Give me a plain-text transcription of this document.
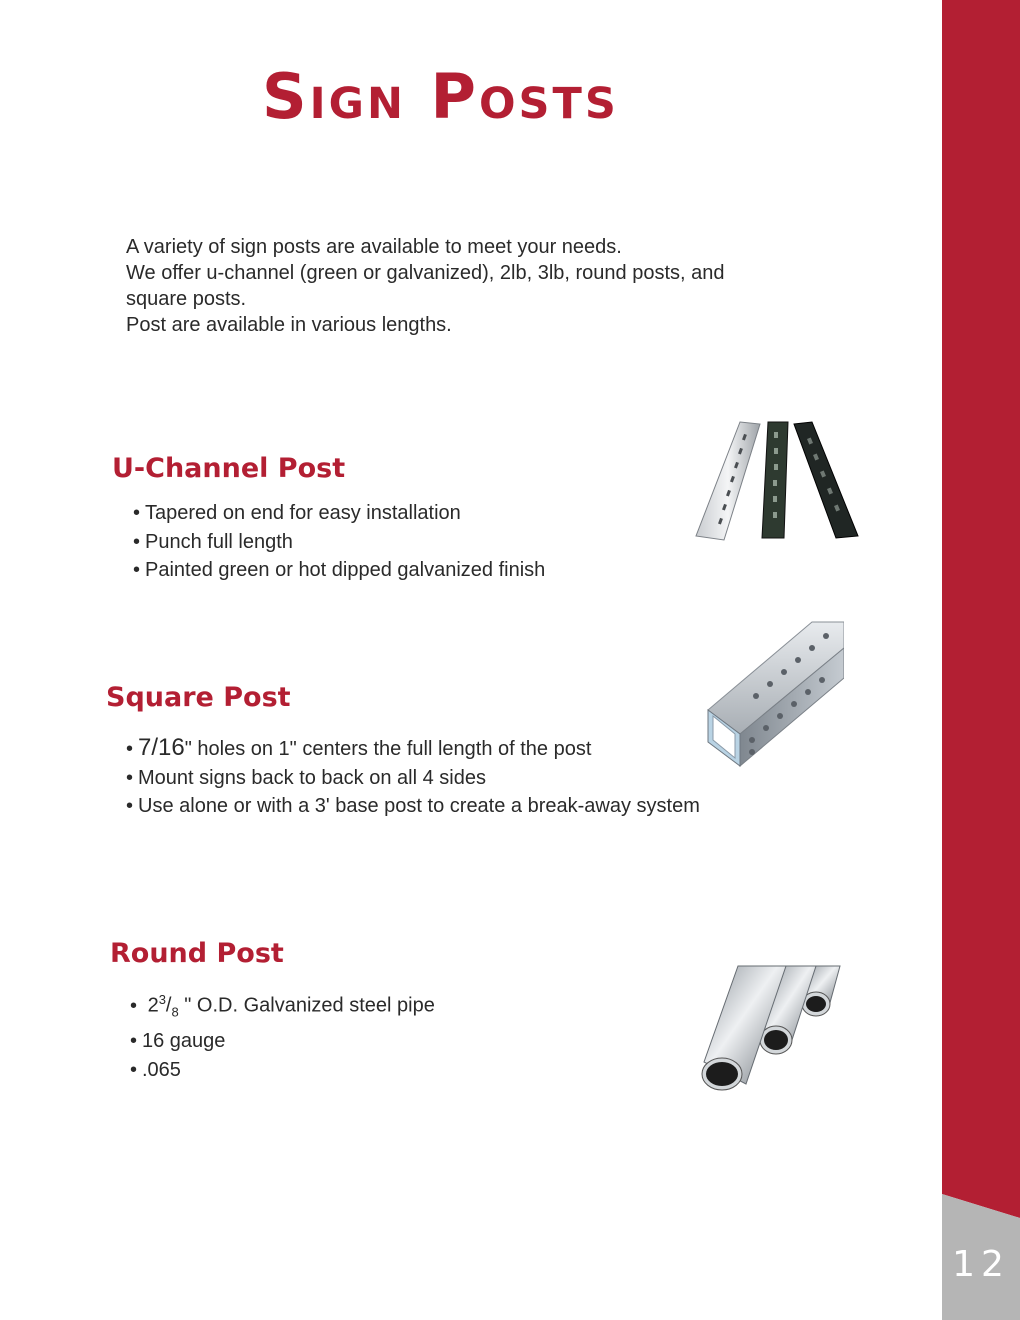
12
Sign Posts
A variety of sign posts are available to meet your needs.
We offer u-channel (green or galvanized), 2lb, 3lb, round posts, and
square posts.
Post are available in various lengths.
U-Channel Post
• Tapered on end for easy installation
• Punch full length
• Painted green or hot dipped galvanized finish
Square Post
• 7/16" holes on 1" centers the full length of the post
• Mount signs back to back on all 4 sides
• Use alone or with a 3' base post to create a break-away system
Round Post
• $2^3/_8$ " O.D. Galvanized steel pipe
• 16 gauge
• .065
